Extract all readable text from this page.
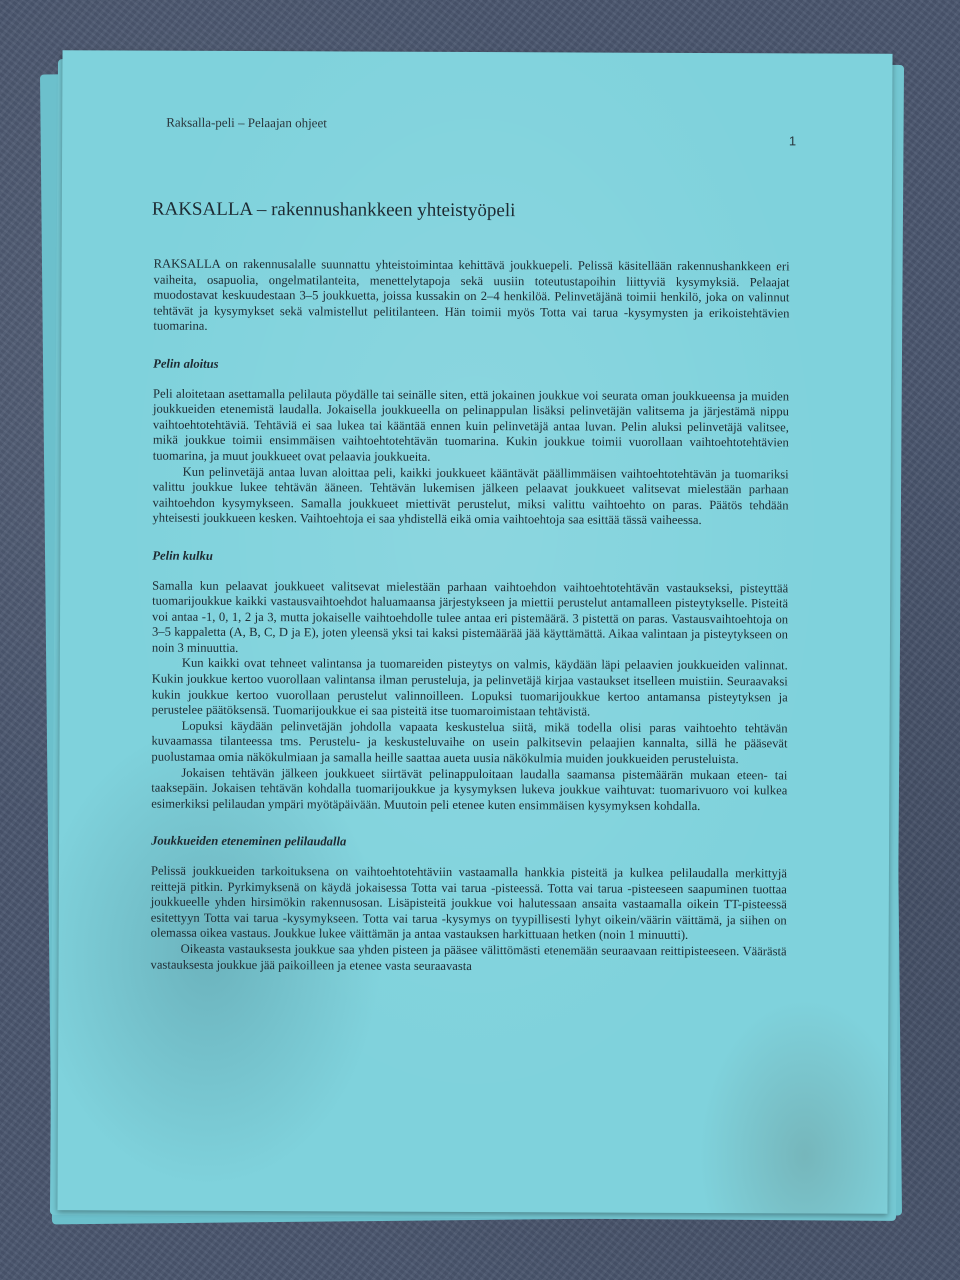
Raksalla-peli – Pelaajan ohjeet
1
RAKSALLA – rakennushankkeen yhteistyöpeli

RAKSALLA on rakennusalalle suunnattu yhteistoimintaa kehittävä joukkuepeli. Pelissä käsitellään rakennushankkeen eri vaiheita, osapuolia, ongelmatilanteita, menettelytapoja sekä uusiin toteutustapoihin liittyviä kysymyksiä. Pelaajat muodostavat keskuudestaan 3–5 joukkuetta, joissa kussakin on 2–4 henkilöä. Pelinvetäjänä toimii henkilö, joka on valinnut tehtävät ja kysymykset sekä valmistellut pelitilanteen. Hän toimii myös Totta vai tarua -kysymysten ja erikoistehtävien tuomarina.

Pelin aloitus

Peli aloitetaan asettamalla pelilauta pöydälle tai seinälle siten, että jokainen joukkue voi seurata oman joukkueensa ja muiden joukkueiden etenemistä laudalla. Jokaisella joukkueella on pelinappulan lisäksi pelinvetäjän valitsema ja järjestämä nippu vaihtoehtotehtäviä. Tehtäviä ei saa lukea tai kääntää ennen kuin pelinvetäjä antaa luvan. Pelin aluksi pelinvetäjä valitsee, mikä joukkue toimii ensimmäisen vaihtoehtotehtävän tuomarina. Kukin joukkue toimii vuorollaan vaihtoehtotehtävien tuomarina, ja muut joukkueet ovat pelaavia joukkueita.

Kun pelinvetäjä antaa luvan aloittaa peli, kaikki joukkueet kääntävät päällimmäisen vaihtoehtotehtävän ja tuomariksi valittu joukkue lukee tehtävän ääneen. Tehtävän lukemisen jälkeen pelaavat joukkueet valitsevat mielestään parhaan vaihtoehdon kysymykseen. Samalla joukkueet miettivät perustelut, miksi valittu vaihtoehto on paras. Päätös tehdään yhteisesti joukkueen kesken. Vaihtoehtoja ei saa yhdistellä eikä omia vaihtoehtoja saa esittää tässä vaiheessa.

Pelin kulku

Samalla kun pelaavat joukkueet valitsevat mielestään parhaan vaihtoehdon vaihtoehtotehtävän vastaukseksi, pisteyttää tuomarijoukkue kaikki vastausvaihtoehdot haluamaansa järjestykseen ja miettii perustelut antamalleen pisteytykselle. Pisteitä voi antaa -1, 0, 1, 2 ja 3, mutta jokaiselle vaihtoehdolle tulee antaa eri pistemäärä. 3 pistettä on paras. Vastausvaihtoehtoja on 3–5 kappaletta (A, B, C, D ja E), joten yleensä yksi tai kaksi pistemäärää jää käyttämättä. Aikaa valintaan ja pisteytykseen on noin 3 minuuttia.

Kun kaikki ovat tehneet valintansa ja tuomareiden pisteytys on valmis, käydään läpi pelaavien joukkueiden valinnat. Kukin joukkue kertoo vuorollaan valintansa ilman perusteluja, ja pelinvetäjä kirjaa vastaukset itselleen muistiin. Seuraavaksi kukin joukkue kertoo vuorollaan perustelut valinnoilleen. Lopuksi tuomarijoukkue kertoo antamansa pisteytyksen ja perustelee päätöksensä. Tuomarijoukkue ei saa pisteitä itse tuomaroimistaan tehtävistä.

Lopuksi käydään pelinvetäjän johdolla vapaata keskustelua siitä, mikä todella olisi paras vaihtoehto tehtävän kuvaamassa tilanteessa tms. Perustelu- ja keskusteluvaihe on usein palkitsevin pelaajien kannalta, sillä he pääsevät puolustamaa omia näkökulmiaan ja samalla heille saattaa aueta uusia näkökulmia muiden joukkueiden perusteluista.

Jokaisen tehtävän jälkeen joukkueet siirtävät pelinappuloitaan laudalla saamansa pistemäärän mukaan eteen- tai taaksepäin. Jokaisen tehtävän kohdalla tuomarijoukkue ja kysymyksen lukeva joukkue vaihtuvat: tuomarivuoro voi kulkea esimerkiksi pelilaudan ympäri myötäpäivään. Muutoin peli etenee kuten ensimmäisen kysymyksen kohdalla.

Joukkueiden eteneminen pelilaudalla

Pelissä joukkueiden tarkoituksena on vaihtoehtotehtäviin vastaamalla hankkia pisteitä ja kulkea pelilaudalla merkittyjä reittejä pitkin. Pyrkimyksenä on käydä jokaisessa Totta vai tarua -pisteessä. Totta vai tarua -pisteeseen saapuminen tuottaa joukkueelle yhden hirsimökin rakennusosan. Lisäpisteitä joukkue voi halutessaan ansaita vastaamalla oikein TT-pisteessä esitettyyn Totta vai tarua -kysymykseen. Totta vai tarua -kysymys on tyypillisesti lyhyt oikein/väärin väittämä, ja siihen on olemassa oikea vastaus. Joukkue lukee väittämän ja antaa vastauksen harkittuaan hetken (noin 1 minuutti).

Oikeasta vastauksesta joukkue saa yhden pisteen ja pääsee välittömästi etenemään seuraavaan reittipisteeseen. Väärästä vastauksesta joukkue jää paikoilleen ja etenee vasta seuraavasta
